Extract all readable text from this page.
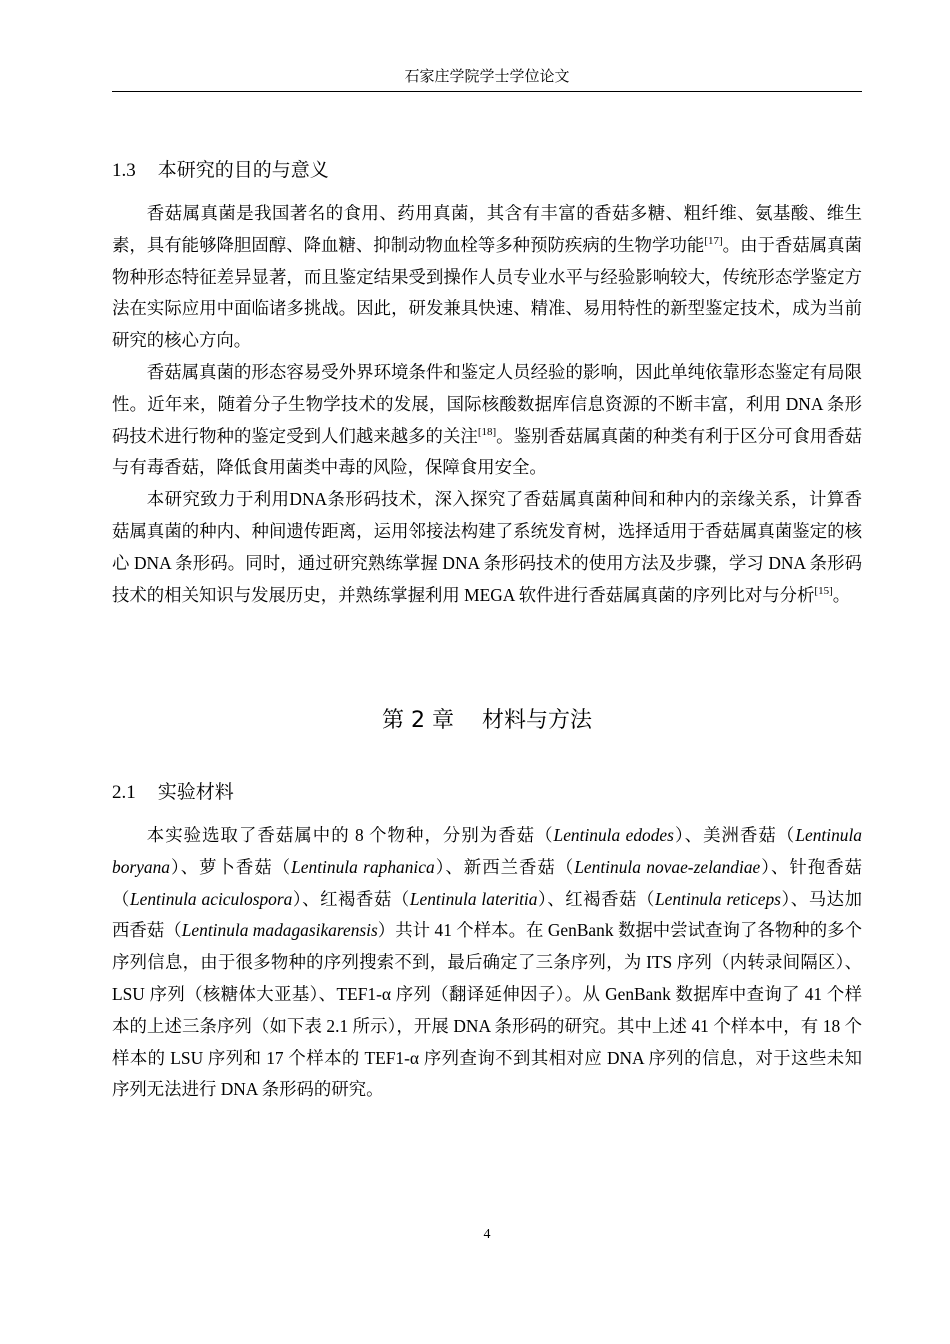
石家庄学院学士学位论文
1.3 本研究的目的与意义

香菇属真菌是我国著名的食用、药用真菌，其含有丰富的香菇多糖、粗纤维、氨基酸、维生素，具有能够降胆固醇、降血糖、抑制动物血栓等多种预防疾病的生物学功能[17]。由于香菇属真菌物种形态特征差异显著，而且鉴定结果受到操作人员专业水平与经验影响较大，传统形态学鉴定方法在实际应用中面临诸多挑战。因此，研发兼具快速、精准、易用特性的新型鉴定技术，成为当前研究的核心方向。

香菇属真菌的形态容易受外界环境条件和鉴定人员经验的影响，因此单纯依靠形态鉴定有局限性。近年来，随着分子生物学技术的发展，国际核酸数据库信息资源的不断丰富，利用 DNA 条形码技术进行物种的鉴定受到人们越来越多的关注[18]。鉴别香菇属真菌的种类有利于区分可食用香菇与有毒香菇，降低食用菌类中毒的风险，保障食用安全。

本研究致力于利用DNA条形码技术，深入探究了香菇属真菌种间和种内的亲缘关系，计算香菇属真菌的种内、种间遗传距离，运用邻接法构建了系统发育树，选择适用于香菇属真菌鉴定的核心 DNA 条形码。同时，通过研究熟练掌握 DNA 条形码技术的使用方法及步骤，学习 DNA 条形码技术的相关知识与发展历史，并熟练掌握利用 MEGA 软件进行香菇属真菌的序列比对与分析[15]。

第 2 章 材料与方法
2.1 实验材料

本实验选取了香菇属中的 8 个物种，分别为香菇（Lentinula edodes）、美洲香菇（Lentinula boryana）、萝卜香菇（Lentinula raphanica）、新西兰香菇（Lentinula novae-zelandiae）、针孢香菇（Lentinula aciculospora）、红褐香菇（Lentinula lateritia）、红褐香菇（Lentinula reticeps）、马达加西香菇（Lentinula madagasikarensis）共计 41 个样本。在 GenBank 数据中尝试查询了各物种的多个序列信息，由于很多物种的序列搜索不到，最后确定了三条序列，为 ITS 序列（内转录间隔区）、LSU 序列（核糖体大亚基）、TEF1-α 序列（翻译延伸因子）。从 GenBank 数据库中查询了 41 个样本的上述三条序列（如下表 2.1 所示），开展 DNA 条形码的研究。其中上述 41 个样本中，有 18 个样本的 LSU 序列和 17 个样本的 TEF1-α 序列查询不到其相对应 DNA 序列的信息，对于这些未知序列无法进行 DNA 条形码的研究。

4
